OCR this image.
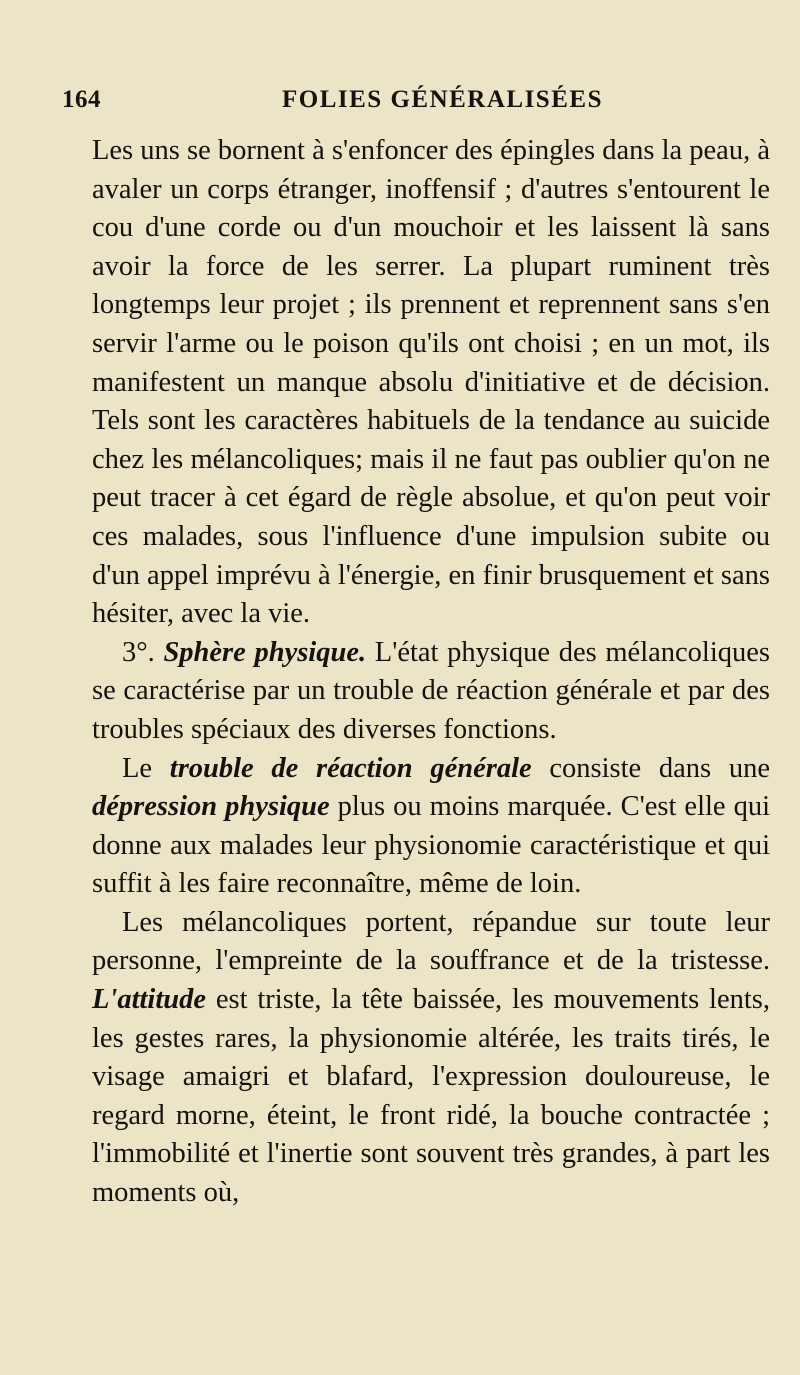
164	FOLIES GÉNÉRALISÉES

Les uns se bornent à s'enfoncer des épingles dans la peau, à avaler un corps étranger, inoffensif ; d'autres s'entourent le cou d'une corde ou d'un mouchoir et les laissent là sans avoir la force de les serrer. La plupart ruminent très longtemps leur projet ; ils prennent et reprennent sans s'en servir l'arme ou le poison qu'ils ont choisi ; en un mot, ils manifestent un manque absolu d'initiative et de décision. Tels sont les caractères habituels de la tendance au suicide chez les mélancoliques; mais il ne faut pas oublier qu'on ne peut tracer à cet égard de règle absolue, et qu'on peut voir ces malades, sous l'influence d'une impulsion subite ou d'un appel imprévu à l'énergie, en finir brusquement et sans hésiter, avec la vie.

3°. Sphère physique. L'état physique des mélancoliques se caractérise par un trouble de réaction générale et par des troubles spéciaux des diverses fonctions.

Le trouble de réaction générale consiste dans une dépression physique plus ou moins marquée. C'est elle qui donne aux malades leur physionomie caractéristique et qui suffit à les faire reconnaître, même de loin.

Les mélancoliques portent, répandue sur toute leur personne, l'empreinte de la souffrance et de la tristesse. L'attitude est triste, la tête baissée, les mouvements lents, les gestes rares, la physionomie altérée, les traits tirés, le visage amaigri et blafard, l'expression douloureuse, le regard morne, éteint, le front ridé, la bouche contractée ; l'immobilité et l'inertie sont souvent très grandes, à part les moments où,
